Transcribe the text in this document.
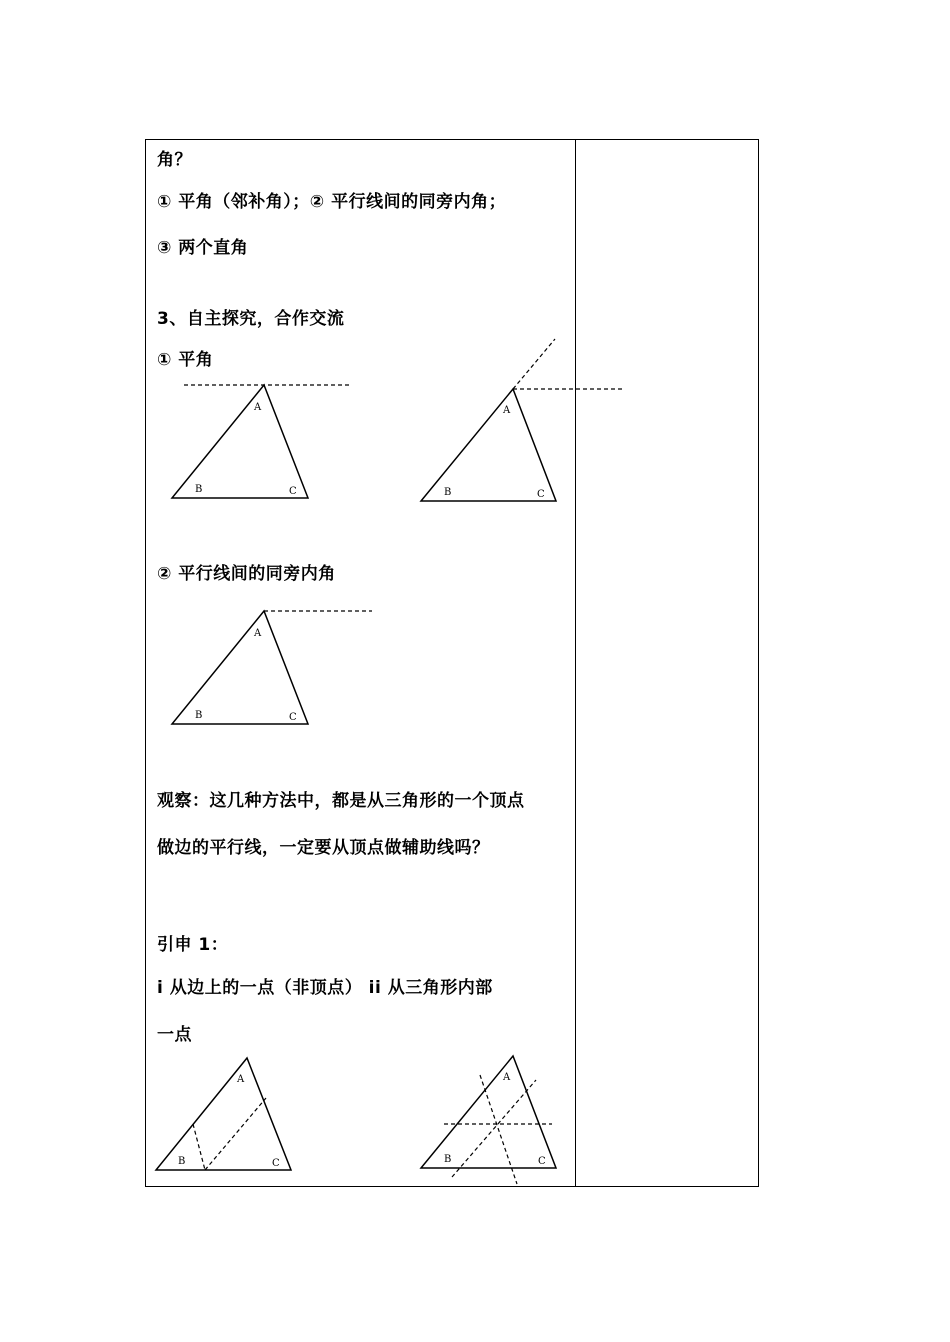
角？
① 平角（邻补角）；② 平行线间的同旁内角；
③ 两个直角
3、自主探究，合作交流
① 平角
A
B	C
A
B	C
A
B	C
A
B	C
A
B	C
② 平行线间的同旁内角
观察：这几种方法中，都是从三角形的一个顶点
做边的平行线，一定要从顶点做辅助线吗？
引申 1：
i 从边上的一点（非顶点） ii 从三角形内部
一点
